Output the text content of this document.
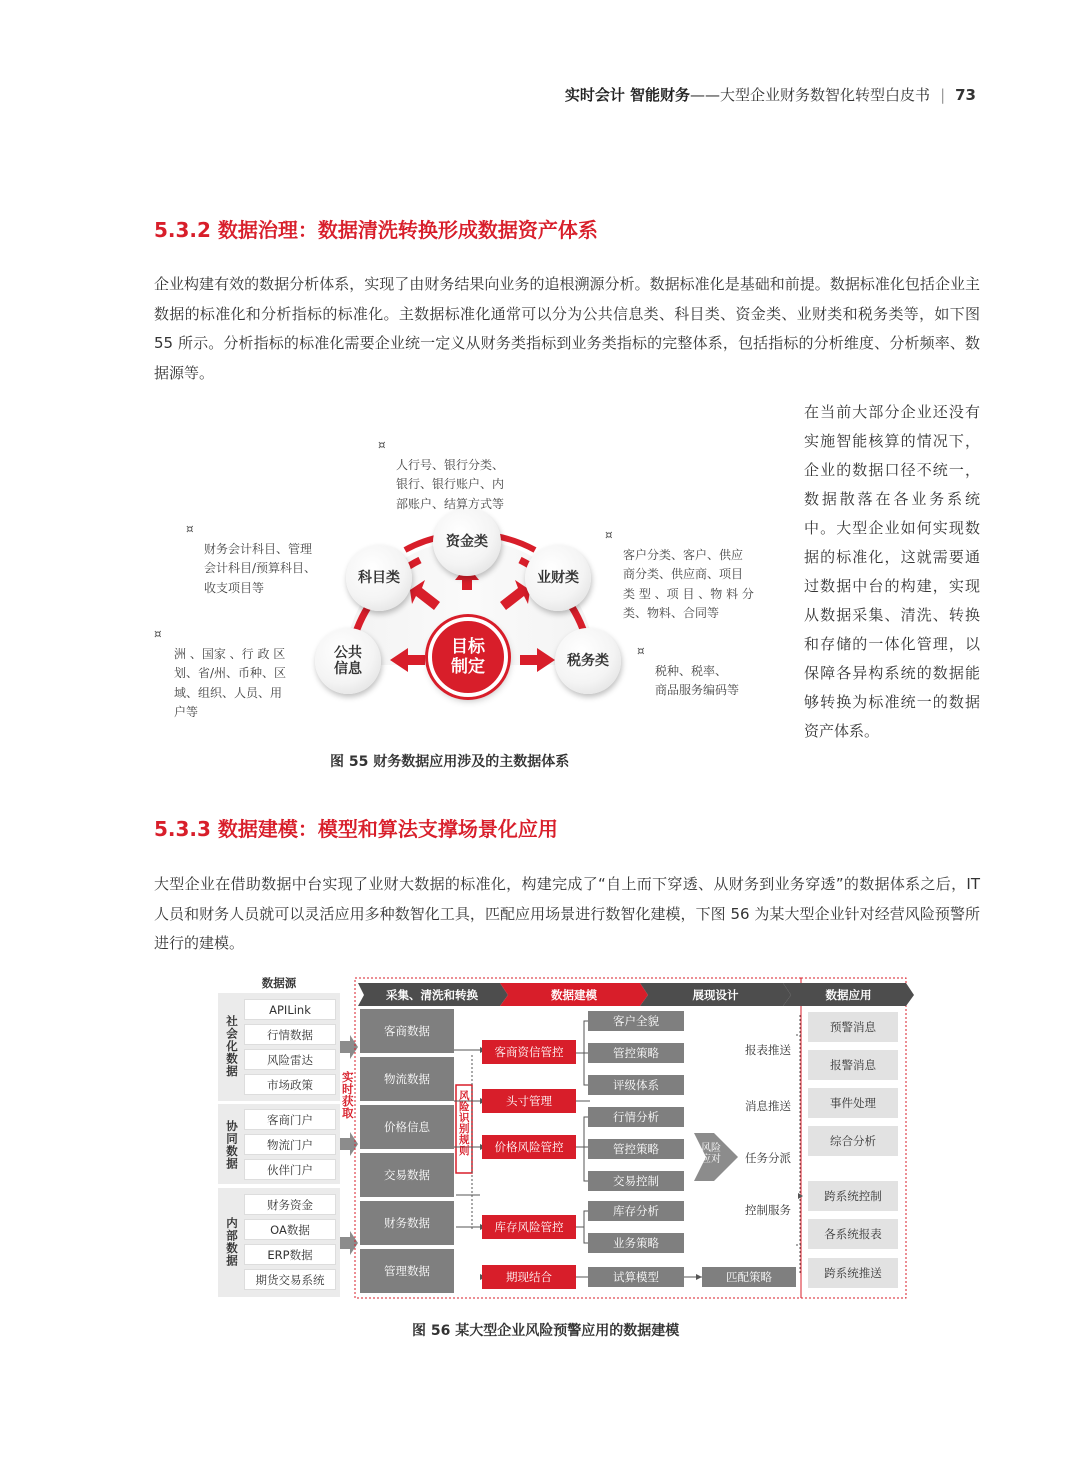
实时会计 智能财务——大型企业财务数智化转型白皮书 | 73
5.3.2 数据治理：数据清洗转换形成数据资产体系
企业构建有效的数据分析体系，实现了由财务结果向业务的追根溯源分析。数据标准化是基础和前提。数据标准化包括企业主数据的标准化和分析指标的标准化。主数据标准化通常可以分为公共信息类、科目类、资金类、业财类和税务类等，如下图 55 所示。分析指标的标准化需要企业统一定义从财务类指标到业务类指标的完整体系，包括指标的分析维度、分析频率、数据源等。
在当前大部分企业还没有实施智能核算的情况下，企业的数据口径不统一，数据散落在各业务系统中。大型企业如何实现数据的标准化，这就需要通过数据中台的构建，实现从数据采集、清洗、转换和存储的一体化管理，以保障各异构系统的数据能够转换为标准统一的数据资产体系。
资金类
科目类	业财类
公共
信息	税务类
目标
制定

¤
人行号、银行分类、
银行、银行账户、内
部账户、结算方式等

¤
财务会计科目、管理
会计科目/预算科目、
收支项目等

¤
洲 、国家 、行 政 区
划、省/州、币种、区
域、组织、人员、用
户等

¤
客户分类、客户、供应
商分类、供应商、项目
类 型 、项 目 、物 料 分
类、物料、合同等

¤
税种、税率、
商品服务编码等

图 55 财务数据应用涉及的主数据体系
5.3.3 数据建模：模型和算法支撑场景化应用
大型企业在借助数据中台实现了业财大数据的标准化，构建完成了“自上而下穿透、从财务到业务穿透”的数据体系之后，IT 人员和财务人员就可以灵活应用多种数智化工具，匹配应用场景进行数智化建模，下图 56 为某大型企业针对经营风险预警所进行的建模。
数据源
社会化数据
协同数据
内部数据
APILink
行情数据
风险雷达
市场政策
客商门户
物流门户
伙伴门户
财务资金
OA数据
ERP数据
期货交易系统
实时获取
采集、清洗和转换	数据建模	展现设计	数据应用
客商数据
物流数据
价格信息
交易数据
财务数据
管理数据
风险识别规则
客商资信管控
头寸管理
价格风险管控
库存风险管控
期现结合
客户全貌
管控策略
评级体系
行情分析
管控策略
交易控制
库存分析
业务策略
试算模型	匹配策略
风险应对
报表推送
消息推送
任务分派
控制服务
预警消息
报警消息
事件处理
综合分析
跨系统控制
各系统报表
跨系统推送
图 56 某大型企业风险预警应用的数据建模
